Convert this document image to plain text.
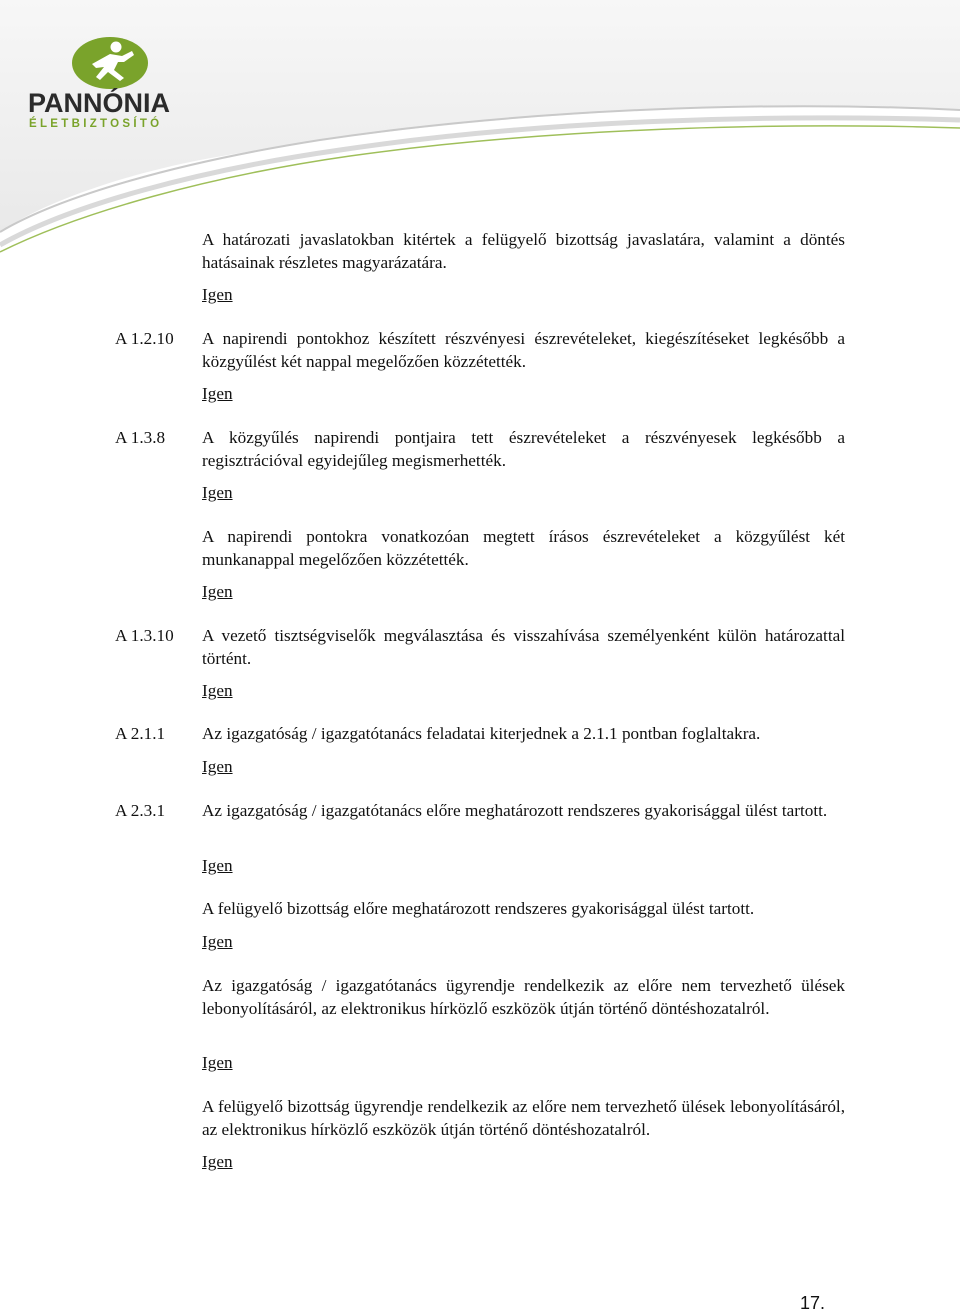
PANNÓNIA
ÉLETBIZTOSÍTÓ
A határozati javaslatokban kitértek a felügyelő bizottság javaslatára, valamint a döntés hatásainak részletes magyarázatára.
Igen
A 1.2.10 A napirendi pontokhoz készített részvényesi észrevételeket, kiegészítéseket legkésőbb a közgyűlést két nappal megelőzően közzétették.
Igen
A 1.3.8 A közgyűlés napirendi pontjaira tett észrevételeket a részvényesek legkésőbb a regisztrációval egyidejűleg megismerhették.
Igen
A napirendi pontokra vonatkozóan megtett írásos észrevételeket a közgyűlést két munkanappal megelőzően közzétették.
Igen
A 1.3.10 A vezető tisztségviselők megválasztása és visszahívása személyenként külön határozattal történt.
Igen
A 2.1.1 Az igazgatóság / igazgatótanács feladatai kiterjednek a 2.1.1 pontban foglaltakra.
Igen
A 2.3.1 Az igazgatóság / igazgatótanács előre meghatározott rendszeres gyakorisággal ülést tartott.
Igen
A felügyelő bizottság előre meghatározott rendszeres gyakorisággal ülést tartott.
Igen
Az igazgatóság / igazgatótanács ügyrendje rendelkezik az előre nem tervezhető ülések lebonyolításáról, az elektronikus hírközlő eszközök útján történő döntéshozatalról.
Igen
A felügyelő bizottság ügyrendje rendelkezik az előre nem tervezhető ülések lebonyolításáról, az elektronikus hírközlő eszközök útján történő döntéshozatalról.
Igen
17.
